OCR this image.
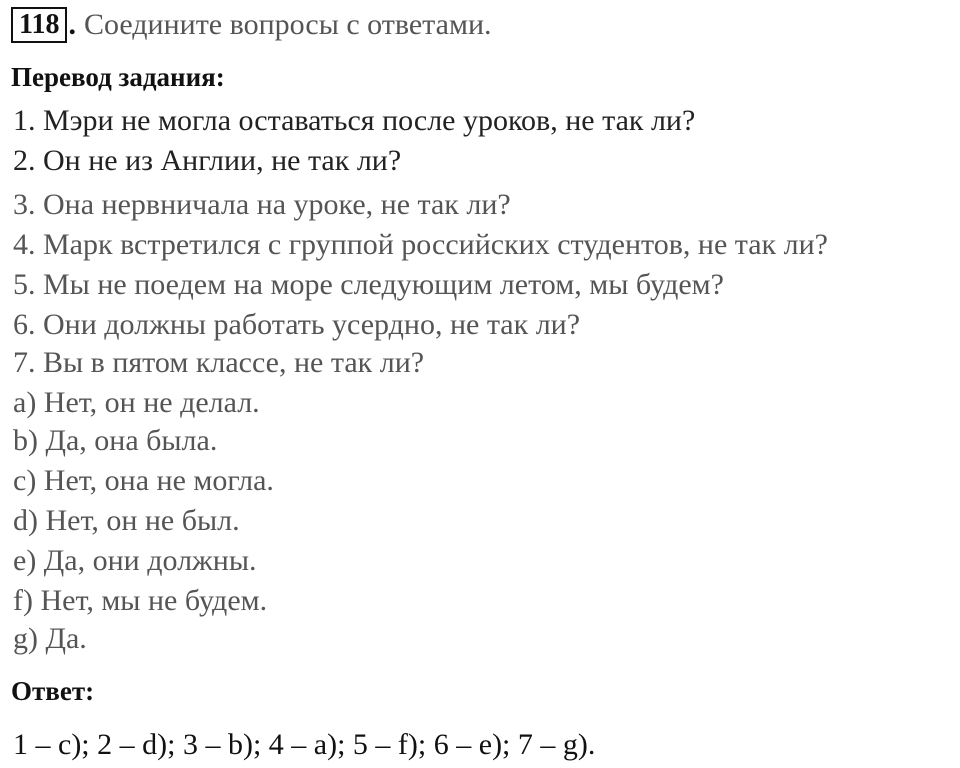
118 . Соедините вопросы с ответами.
Перевод задания:
1. Мэри не могла оставаться после уроков, не так ли?
2. Он не из Англии, не так ли?
3. Она нервничала на уроке, не так ли?
4. Марк встретился с группой российских студентов, не так ли?
5. Мы не поедем на море следующим летом, мы будем?
6. Они должны работать усердно, не так ли?
7. Вы в пятом классе, не так ли?
a) Нет, он не делал.
b) Да, она была.
c) Нет, она не могла.
d) Нет, он не был.
e) Да, они должны.
f) Нет, мы не будем.
g) Да.
Ответ:
1 – c); 2 – d); 3 – b); 4 – a); 5 – f); 6 – e); 7 – g).
